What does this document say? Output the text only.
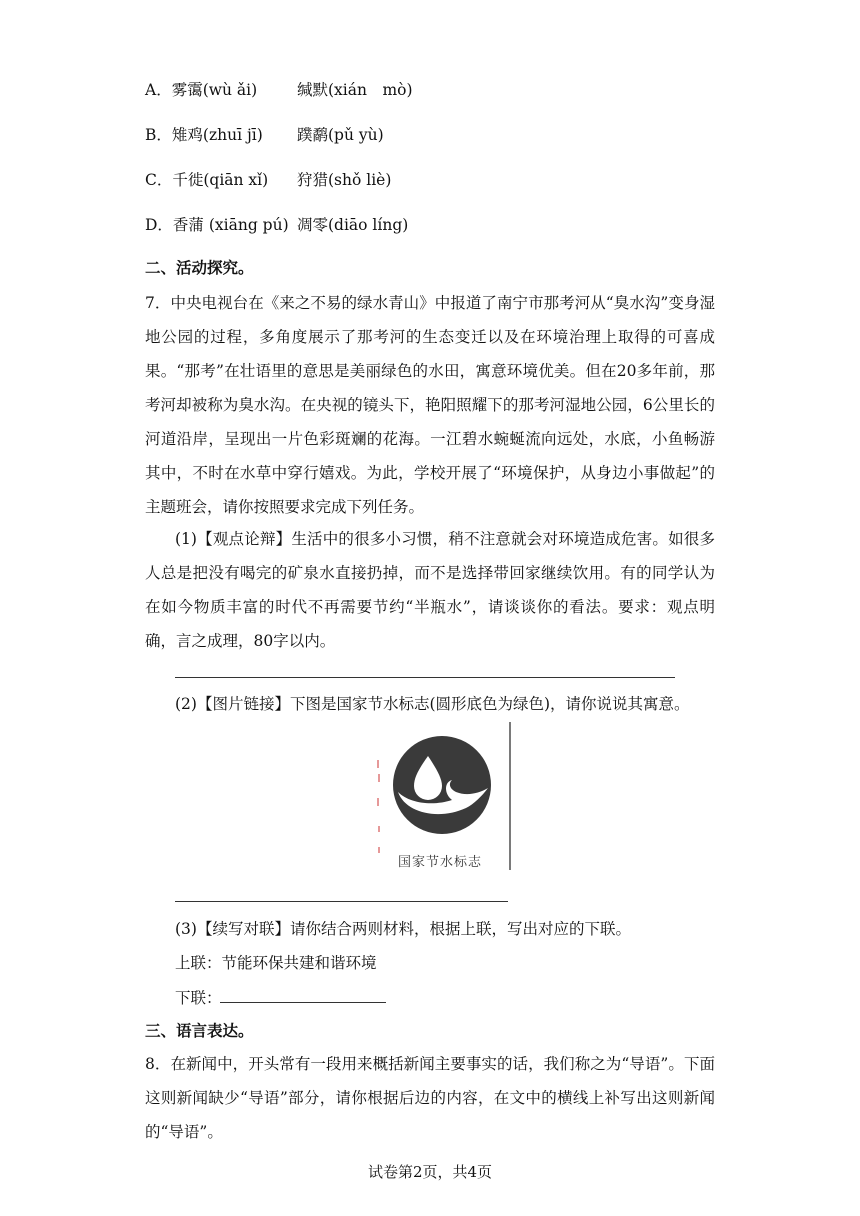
A．雾霭(wù ǎi)	缄默(xián　mò)
B．雉鸡(zhuī jī) 蹼鹬(pǔ yù)
C．千徙(qiān xǐ) 狩猎(shǒ liè)
D．香蒲 (xiāng pú) 凋零(diāo líng)
二、活动探究。
7．中央电视台在《来之不易的绿水青山》中报道了南宁市那考河从“臭水沟”变身湿地公园的过程，多角度展示了那考河的生态变迁以及在环境治理上取得的可喜成果。“那考”在壮语里的意思是美丽绿色的水田，寓意环境优美。但在20多年前，那考河却被称为臭水沟。在央视的镜头下，艳阳照耀下的那考河湿地公园，6公里长的河道沿岸，呈现出一片色彩斑斓的花海。一江碧水蜿蜒流向远处，水底，小鱼畅游其中，不时在水草中穿行嬉戏。为此，学校开展了“环境保护，从身边小事做起”的主题班会，请你按照要求完成下列任务。
(1)【观点论辩】生活中的很多小习惯，稍不注意就会对环境造成危害。如很多人总是把没有喝完的矿泉水直接扔掉，而不是选择带回家继续饮用。有的同学认为在如今物质丰富的时代不再需要节约“半瓶水”，请谈谈你的看法。要求：观点明确，言之成理，80字以内。
(2)【图片链接】下图是国家节水标志(圆形底色为绿色)，请你说说其寓意。
国家节水标志
(3)【续写对联】请你结合两则材料，根据上联，写出对应的下联。
上联：节能环保共建和谐环境
下联：
三、语言表达。
8．在新闻中，开头常有一段用来概括新闻主要事实的话，我们称之为“导语”。下面这则新闻缺少“导语”部分，请你根据后边的内容，在文中的横线上补写出这则新闻的“导语”。
试卷第2页，共4页
